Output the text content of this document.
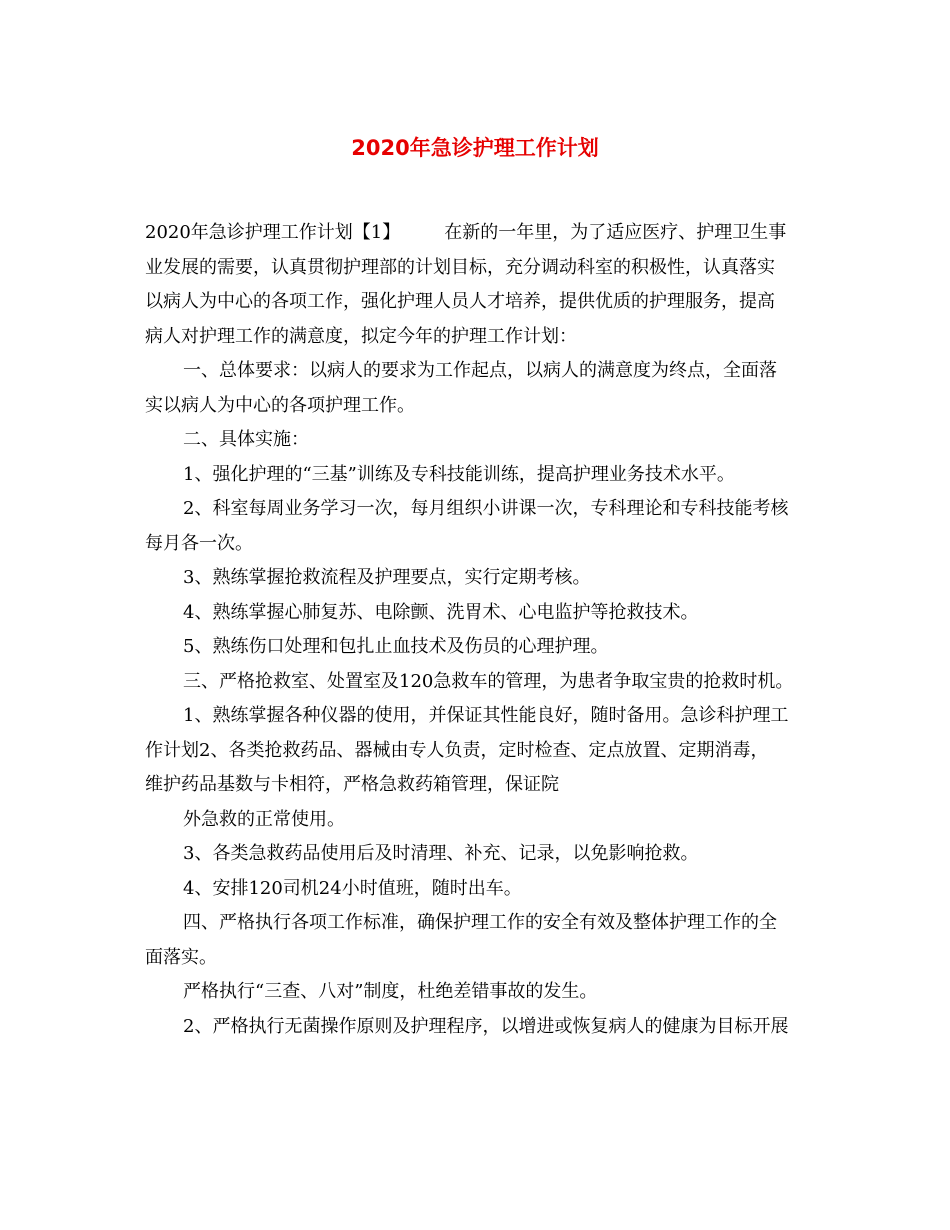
2020年急诊护理工作计划
2020年急诊护理工作计划【1】 在新的一年里，为了适应医疗、护理卫生事
业发展的需要，认真贯彻护理部的计划目标，充分调动科室的积极性，认真落实
以病人为中心的各项工作，强化护理人员人才培养，提供优质的护理服务，提高
病人对护理工作的满意度，拟定今年的护理工作计划：
一、总体要求：以病人的要求为工作起点，以病人的满意度为终点，全面落
实以病人为中心的各项护理工作。
二、具体实施：
1、强化护理的“三基”训练及专科技能训练，提高护理业务技术水平。
2、科室每周业务学习一次，每月组织小讲课一次，专科理论和专科技能考核
每月各一次。
3、熟练掌握抢救流程及护理要点，实行定期考核。
4、熟练掌握心肺复苏、电除颤、洗胃术、心电监护等抢救技术。
5、熟练伤口处理和包扎止血技术及伤员的心理护理。
三、严格抢救室、处置室及120急救车的管理，为患者争取宝贵的抢救时机。
1、熟练掌握各种仪器的使用，并保证其性能良好，随时备用。急诊科护理工
作计划2、各类抢救药品、器械由专人负责，定时检查、定点放置、定期消毒，
维护药品基数与卡相符，严格急救药箱管理，保证院
外急救的正常使用。
3、各类急救药品使用后及时清理、补充、记录，以免影响抢救。
4、安排120司机24小时值班，随时出车。
四、严格执行各项工作标准，确保护理工作的安全有效及整体护理工作的全
面落实。
严格执行“三查、八对”制度，杜绝差错事故的发生。
2、严格执行无菌操作原则及护理程序，以增进或恢复病人的健康为目标开展
